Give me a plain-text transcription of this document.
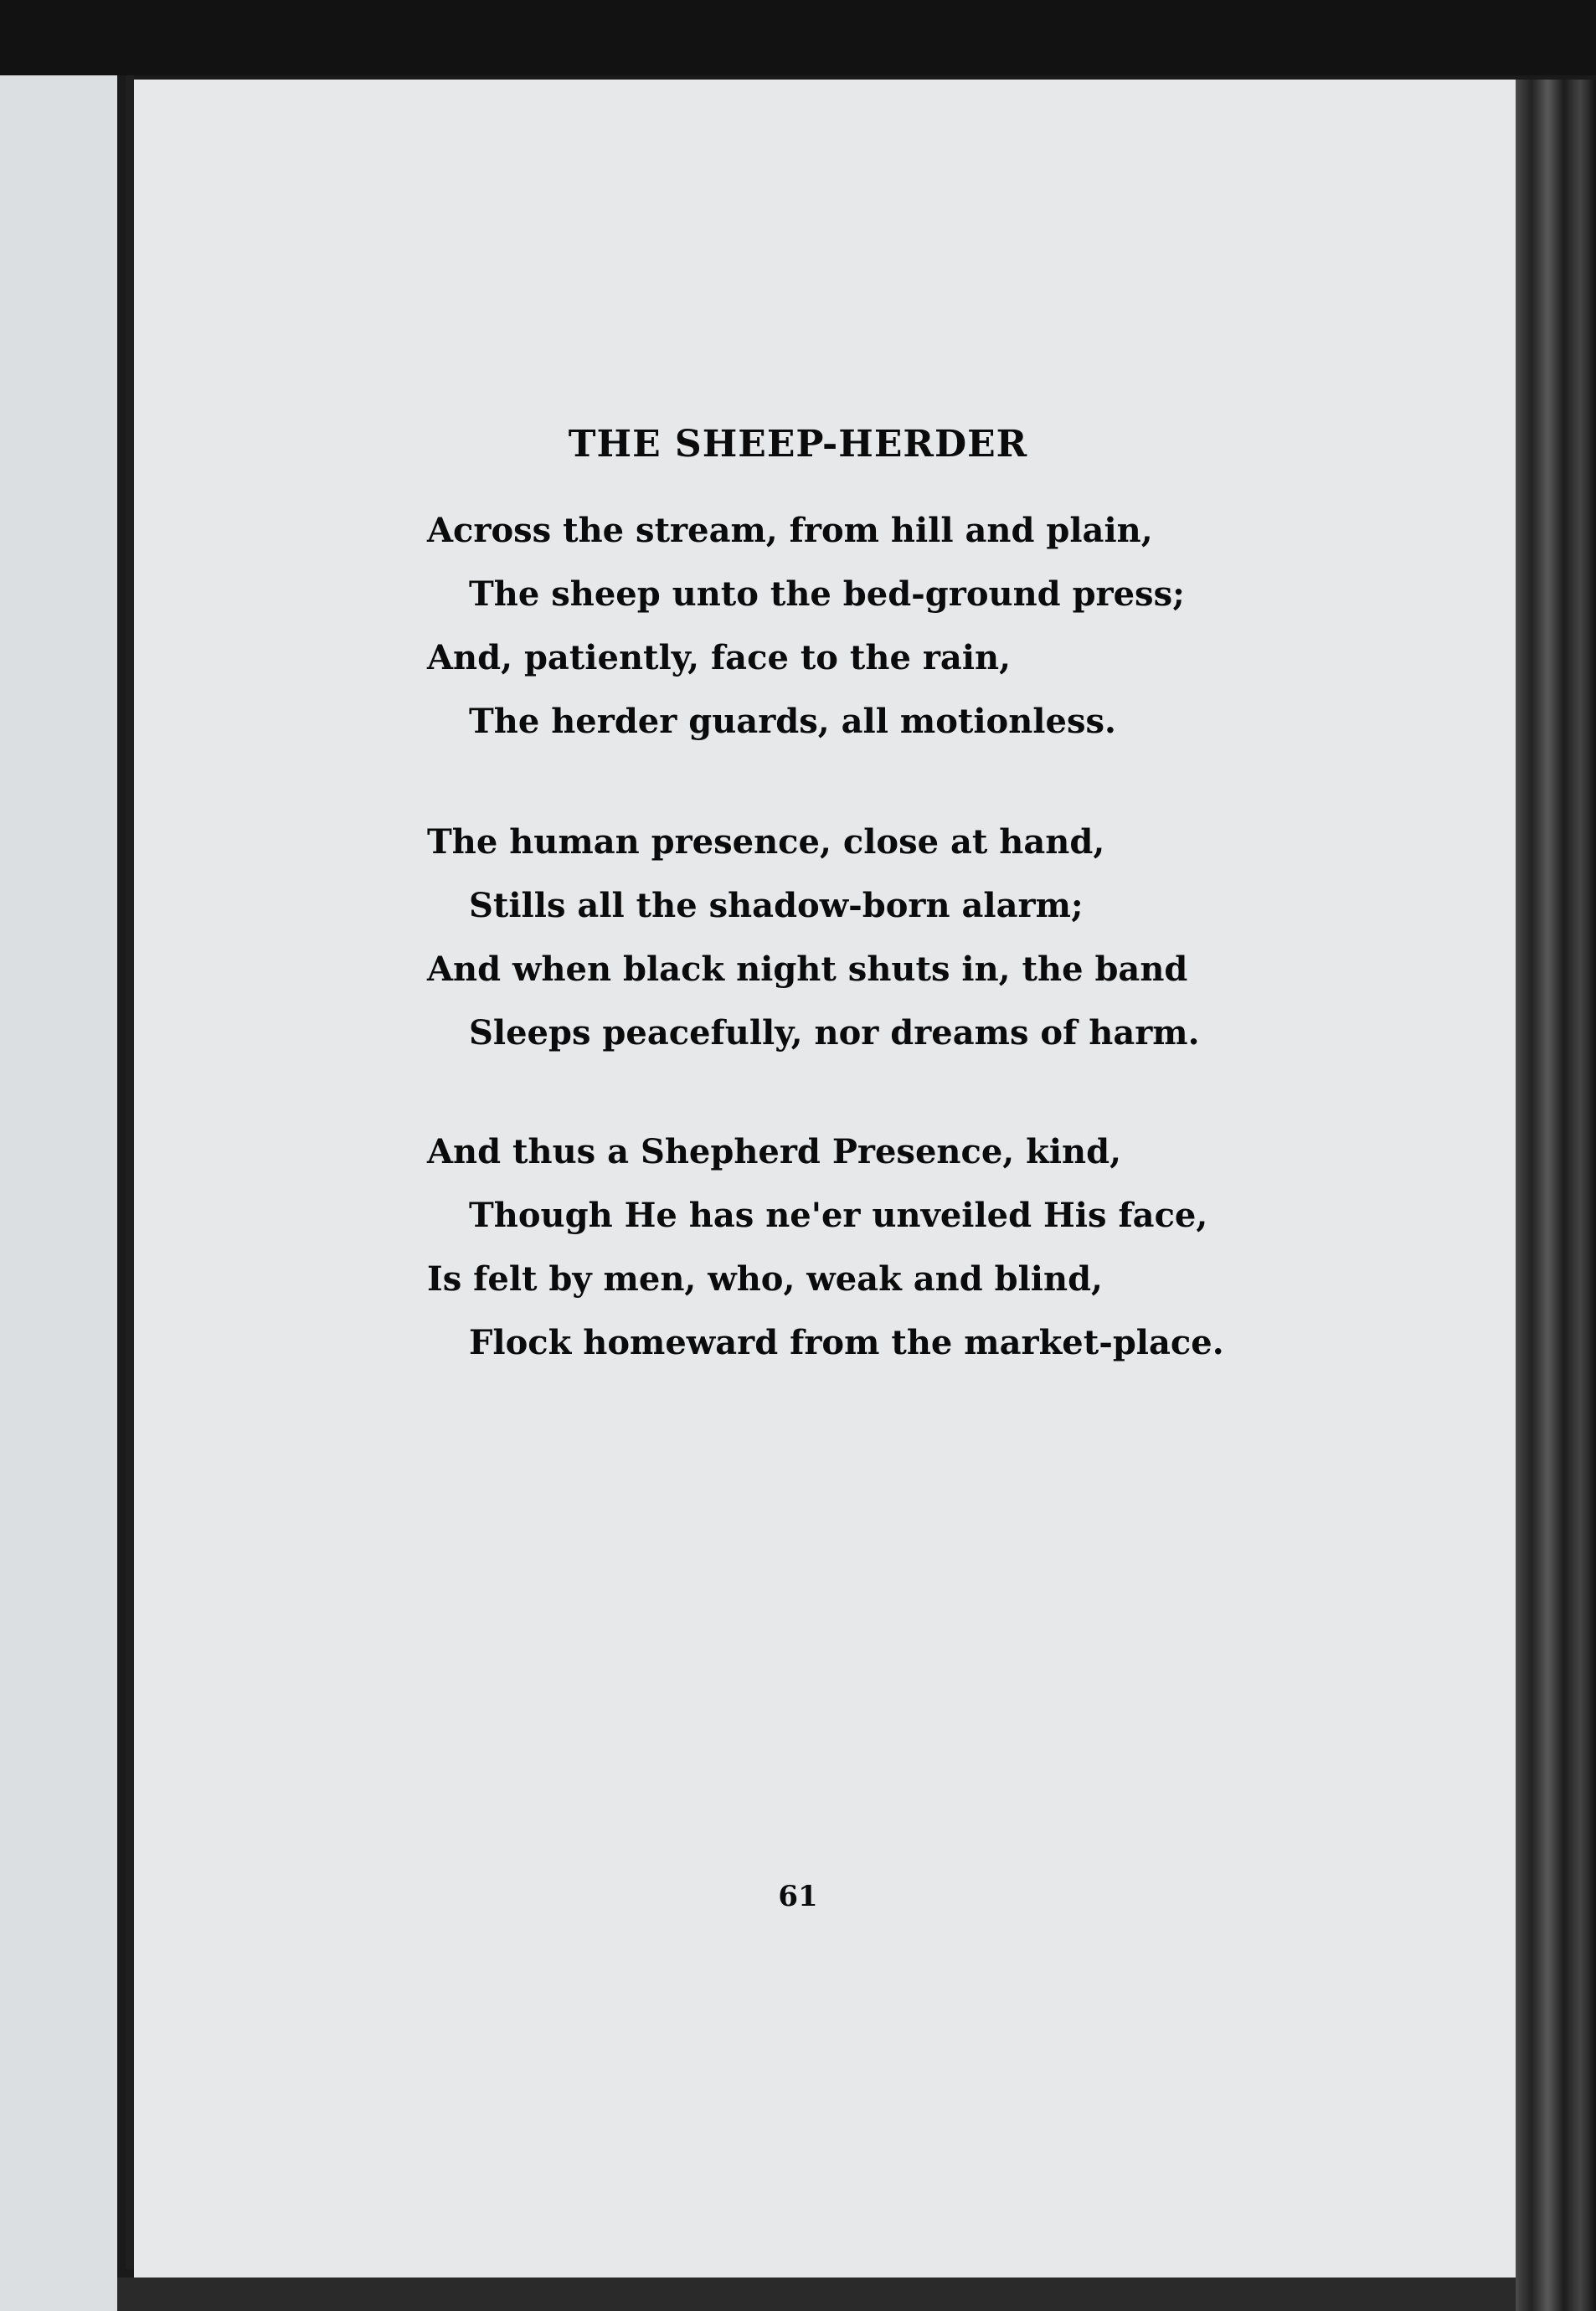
THE SHEEP-HERDER
Across the stream, from hill and plain,
The sheep unto the bed-ground press;
And, patiently, face to the rain,
The herder guards, all motionless.
The human presence, close at hand,
Stills all the shadow-born alarm;
And when black night shuts in, the band
Sleeps peacefully, nor dreams of harm.
And thus a Shepherd Presence, kind,
Though He has ne'er unveiled His face,
Is felt by men, who, weak and blind,
Flock homeward from the market-place.
61
